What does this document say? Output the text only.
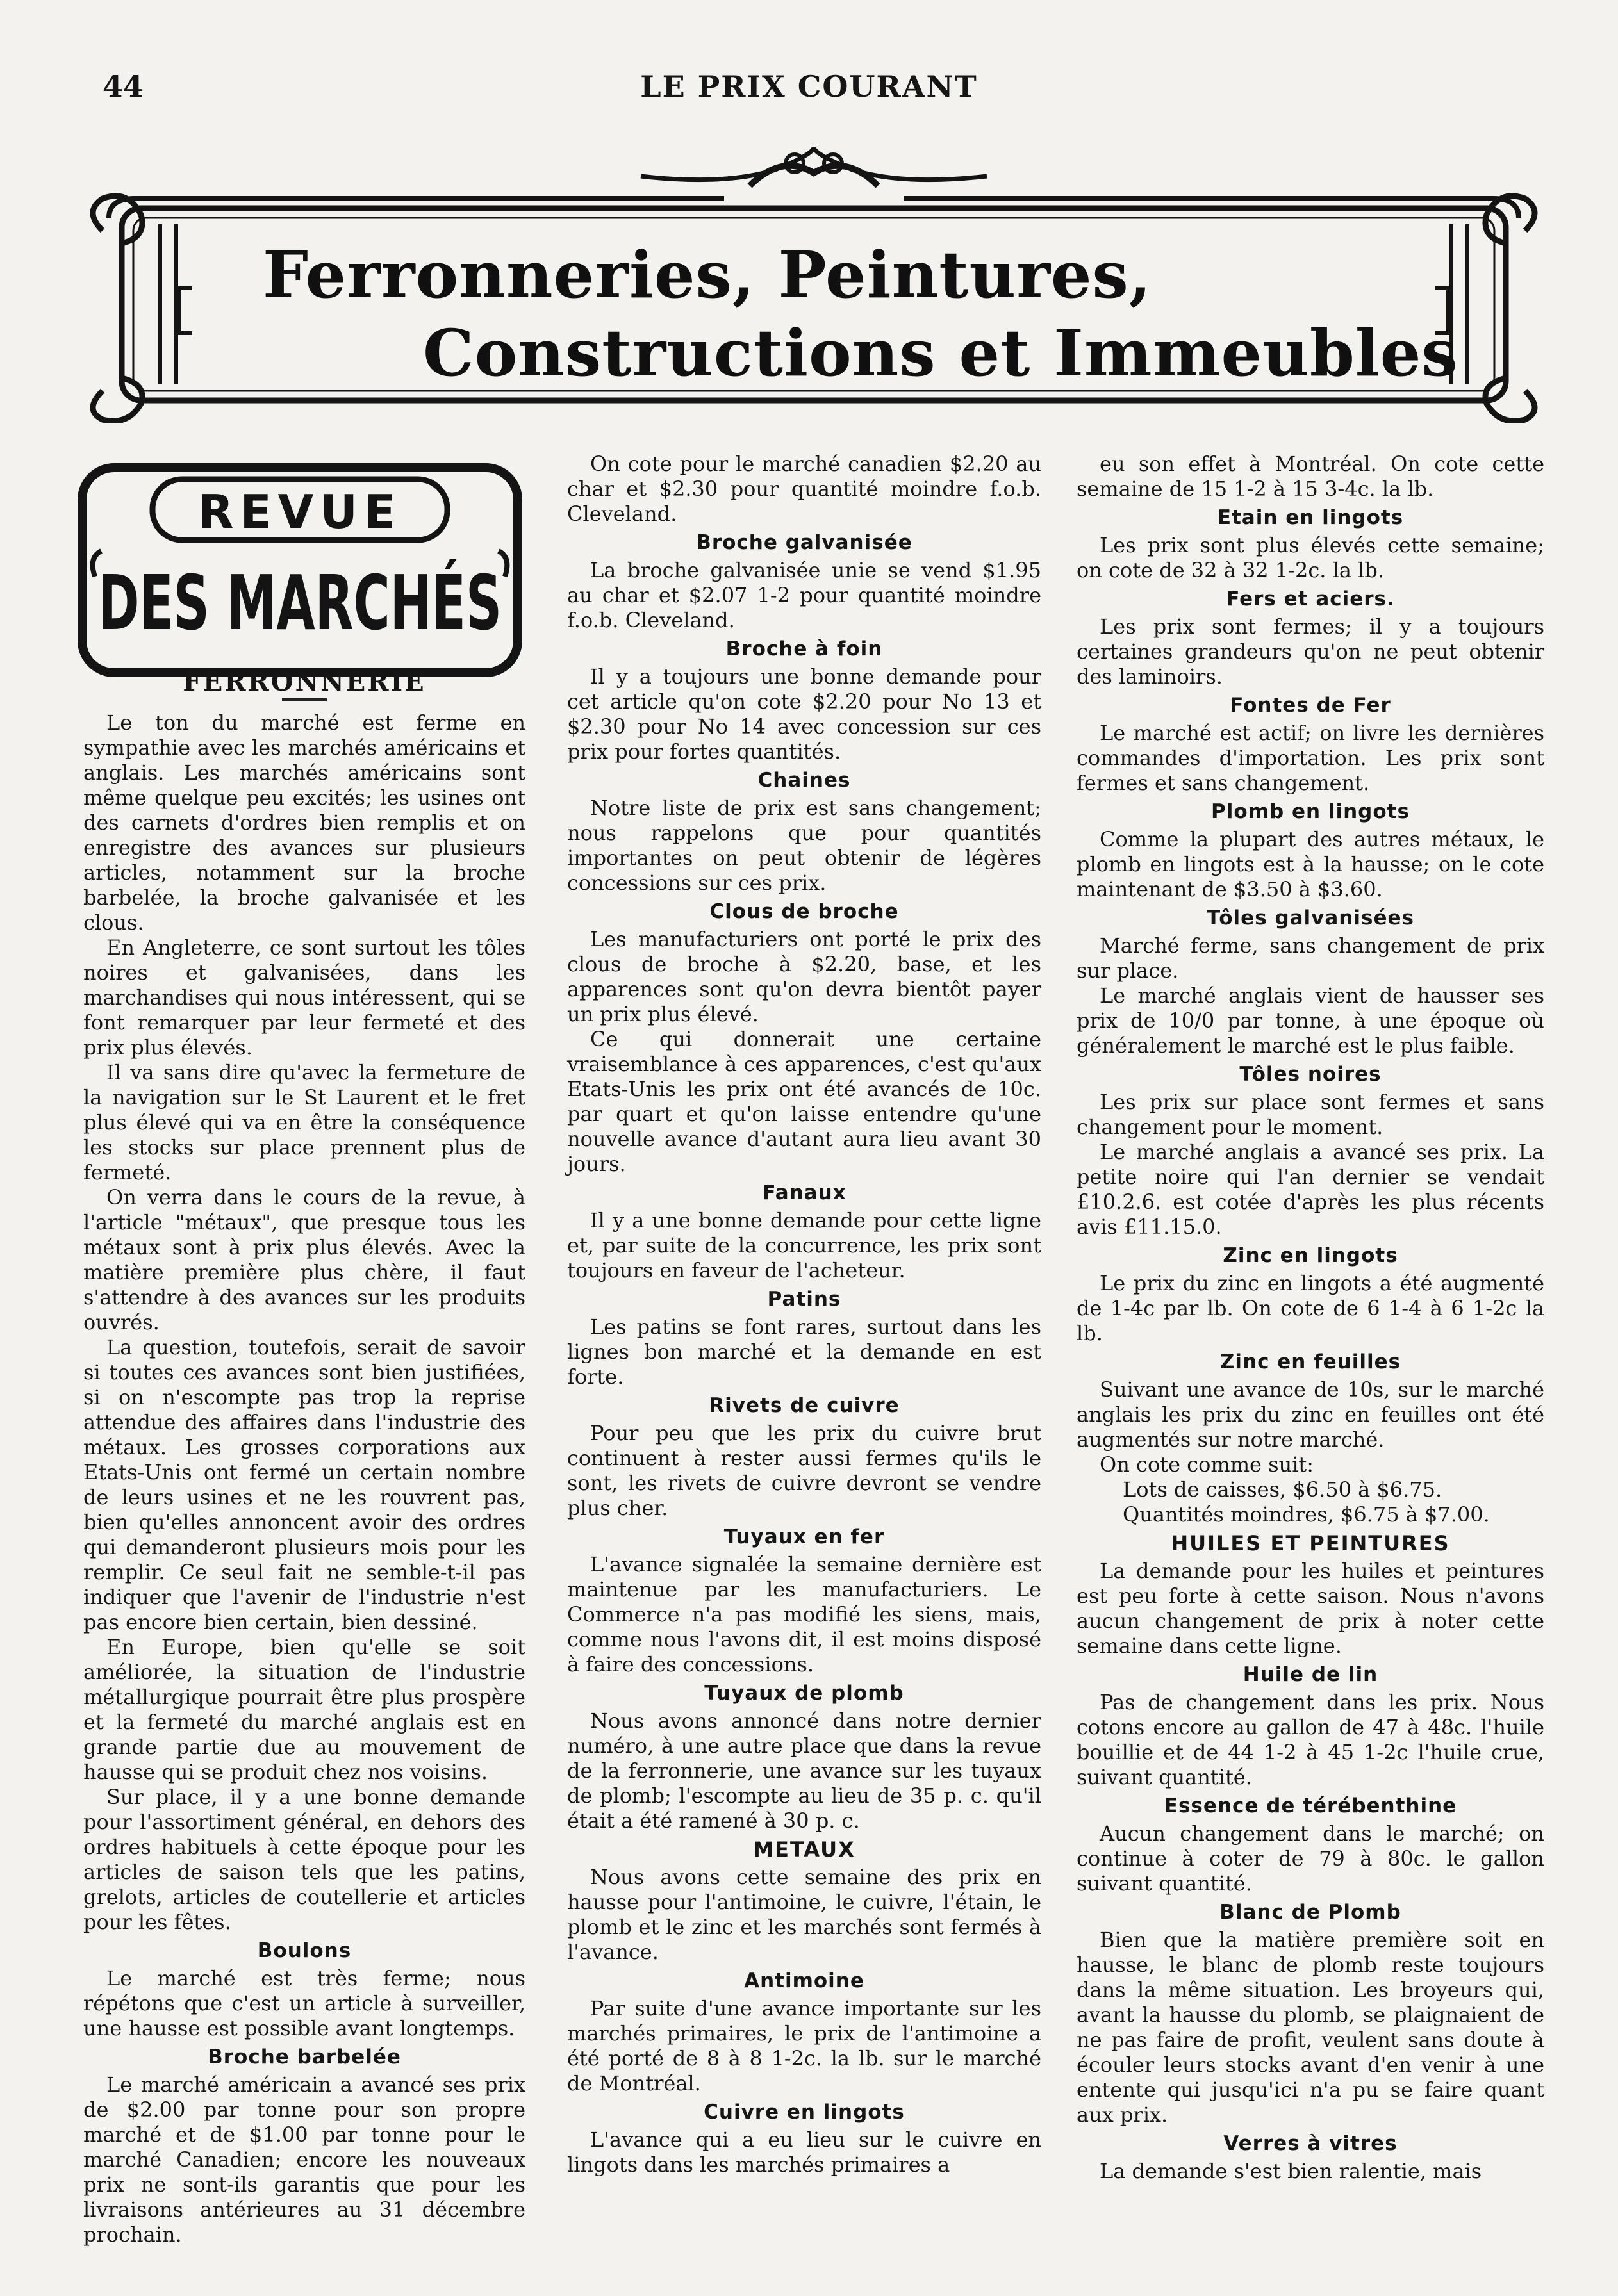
44	LE PRIX COURANT
Ferronneries, Peintures,
Constructions et Immeubles
REVUE
DES MARCHÉS
FERRONNERIE

Le ton du marché est ferme en sympathie avec les marchés américains et anglais. Les marchés américains sont même quelque peu excités; les usines ont des carnets d'ordres bien remplis et on enregistre des avances sur plusieurs articles, notamment sur la broche barbelée, la broche galvanisée et les clous.

En Angleterre, ce sont surtout les tôles noires et galvanisées, dans les marchandises qui nous intéressent, qui se font remarquer par leur fermeté et des prix plus élevés.

Il va sans dire qu'avec la fermeture de la navigation sur le St Laurent et le fret plus élevé qui va en être la conséquence les stocks sur place prennent plus de fermeté.

On verra dans le cours de la revue, à l'article "métaux", que presque tous les métaux sont à prix plus élevés. Avec la matière première plus chère, il faut s'attendre à des avances sur les produits ouvrés.

La question, toutefois, serait de savoir si toutes ces avances sont bien justifiées, si on n'escompte pas trop la reprise attendue des affaires dans l'industrie des métaux. Les grosses corporations aux Etats-Unis ont fermé un certain nombre de leurs usines et ne les rouvrent pas, bien qu'elles annoncent avoir des ordres qui demanderont plusieurs mois pour les remplir. Ce seul fait ne semble-t-il pas indiquer que l'avenir de l'industrie n'est pas encore bien certain, bien dessiné.

En Europe, bien qu'elle se soit améliorée, la situation de l'industrie métallurgique pourrait être plus prospère et la fermeté du marché anglais est en grande partie due au mouvement de hausse qui se produit chez nos voisins.

Sur place, il y a une bonne demande pour l'assortiment général, en dehors des ordres habituels à cette époque pour les articles de saison tels que les patins, grelots, articles de coutellerie et articles pour les fêtes.

Boulons

Le marché est très ferme; nous répétons que c'est un article à surveiller, une hausse est possible avant longtemps.

Broche barbelée

Le marché américain a avancé ses prix de $2.00 par tonne pour son propre marché et de $1.00 par tonne pour le marché Canadien; encore les nouveaux prix ne sont-ils garantis que pour les livraisons antérieures au 31 décembre prochain.

On cote pour le marché canadien $2.20 au char et $2.30 pour quantité moindre f.o.b. Cleveland.

Broche galvanisée

La broche galvanisée unie se vend $1.95 au char et $2.07 1-2 pour quantité moindre f.o.b. Cleveland.

Broche à foin

Il y a toujours une bonne demande pour cet article qu'on cote $2.20 pour No 13 et $2.30 pour No 14 avec concession sur ces prix pour fortes quantités.

Chaines

Notre liste de prix est sans changement; nous rappelons que pour quantités importantes on peut obtenir de légères concessions sur ces prix.

Clous de broche

Les manufacturiers ont porté le prix des clous de broche à $2.20, base, et les apparences sont qu'on devra bientôt payer un prix plus élevé.

Ce qui donnerait une certaine vraisemblance à ces apparences, c'est qu'aux Etats-Unis les prix ont été avancés de 10c. par quart et qu'on laisse entendre qu'une nouvelle avance d'autant aura lieu avant 30 jours.

Fanaux

Il y a une bonne demande pour cette ligne et, par suite de la concurrence, les prix sont toujours en faveur de l'acheteur.

Patins

Les patins se font rares, surtout dans les lignes bon marché et la demande en est forte.

Rivets de cuivre

Pour peu que les prix du cuivre brut continuent à rester aussi fermes qu'ils le sont, les rivets de cuivre devront se vendre plus cher.

Tuyaux en fer

L'avance signalée la semaine dernière est maintenue par les manufacturiers. Le Commerce n'a pas modifié les siens, mais, comme nous l'avons dit, il est moins disposé à faire des concessions.

Tuyaux de plomb

Nous avons annoncé dans notre dernier numéro, à une autre place que dans la revue de la ferronnerie, une avance sur les tuyaux de plomb; l'escompte au lieu de 35 p. c. qu'il était a été ramené à 30 p. c.

METAUX

Nous avons cette semaine des prix en hausse pour l'antimoine, le cuivre, l'étain, le plomb et le zinc et les marchés sont fermés à l'avance.

Antimoine

Par suite d'une avance importante sur les marchés primaires, le prix de l'antimoine a été porté de 8 à 8 1-2c. la lb. sur le marché de Montréal.

Cuivre en lingots

L'avance qui a eu lieu sur le cuivre en lingots dans les marchés primaires a

eu son effet à Montréal. On cote cette semaine de 15 1-2 à 15 3-4c. la lb.

Etain en lingots

Les prix sont plus élevés cette semaine; on cote de 32 à 32 1-2c. la lb.

Fers et aciers.

Les prix sont fermes; il y a toujours certaines grandeurs qu'on ne peut obtenir des laminoirs.

Fontes de Fer

Le marché est actif; on livre les dernières commandes d'importation. Les prix sont fermes et sans changement.

Plomb en lingots

Comme la plupart des autres métaux, le plomb en lingots est à la hausse; on le cote maintenant de $3.50 à $3.60.

Tôles galvanisées

Marché ferme, sans changement de prix sur place.

Le marché anglais vient de hausser ses prix de 10/0 par tonne, à une époque où généralement le marché est le plus faible.

Tôles noires

Les prix sur place sont fermes et sans changement pour le moment.

Le marché anglais a avancé ses prix. La petite noire qui l'an dernier se vendait £10.2.6. est cotée d'après les plus récents avis £11.15.0.

Zinc en lingots

Le prix du zinc en lingots a été augmenté de 1-4c par lb. On cote de 6 1-4 à 6 1-2c la lb.

Zinc en feuilles

Suivant une avance de 10s, sur le marché anglais les prix du zinc en feuilles ont été augmentés sur notre marché.

On cote comme suit:

Lots de caisses, $6.50 à $6.75.

Quantités moindres, $6.75 à $7.00.

HUILES ET PEINTURES

La demande pour les huiles et peintures est peu forte à cette saison. Nous n'avons aucun changement de prix à noter cette semaine dans cette ligne.

Huile de lin

Pas de changement dans les prix. Nous cotons encore au gallon de 47 à 48c. l'huile bouillie et de 44 1-2 à 45 1-2c l'huile crue, suivant quantité.

Essence de térébenthine

Aucun changement dans le marché; on continue à coter de 79 à 80c. le gallon suivant quantité.

Blanc de Plomb

Bien que la matière première soit en hausse, le blanc de plomb reste toujours dans la même situation. Les broyeurs qui, avant la hausse du plomb, se plaignaient de ne pas faire de profit, veulent sans doute à écouler leurs stocks avant d'en venir à une entente qui jusqu'ici n'a pu se faire quant aux prix.

Verres à vitres

La demande s'est bien ralentie, mais
